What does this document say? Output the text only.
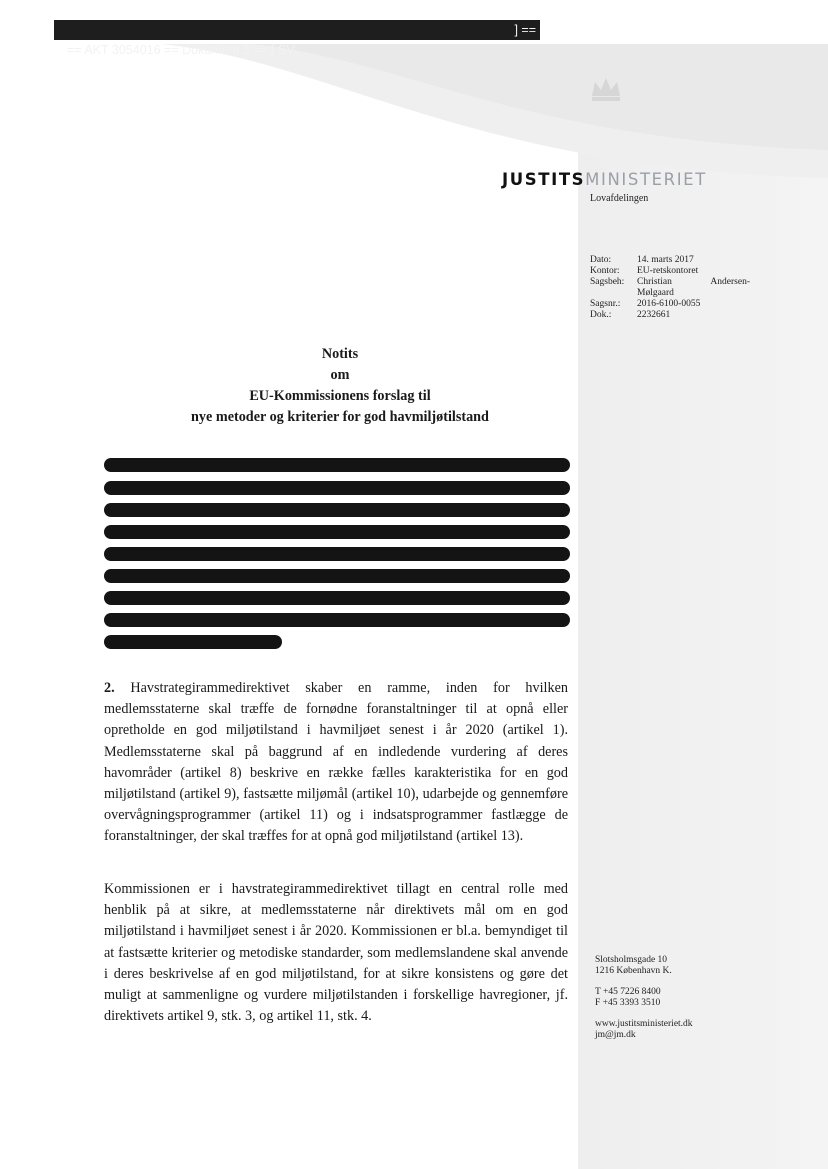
== AKT 3054016 == Dokument 2 == [ SV:

] ==

JUSTITSMINISTERIET
Lovafdelingen
Dato:	14. marts 2017
Kontor:	EU-retskontoret
Sagsbeh:	Christian	Andersen-
Mølgaard
Sagsnr.:	2016-6100-0055
Dok.:	2232661
Notits
om
EU-Kommissionens forslag til
nye metoder og kriterier for god havmiljøtilstand

2. Havstrategirammedirektivet skaber en ramme, inden for hvilken medlemsstaterne skal træffe de fornødne foranstaltninger til at opnå eller opretholde en god miljøtilstand i havmiljøet senest i år 2020 (artikel 1). Medlemsstaterne skal på baggrund af en indledende vurdering af deres havområder (artikel 8) beskrive en række fælles karakteristika for en god miljøtilstand (artikel 9), fastsætte miljømål (artikel 10), udarbejde og gennemføre overvågningsprogrammer (artikel 11) og i indsatsprogrammer fastlægge de foranstaltninger, der skal træffes for at opnå god miljøtilstand (artikel 13).

Kommissionen er i havstrategirammedirektivet tillagt en central rolle med henblik på at sikre, at medlemsstaterne når direktivets mål om en god miljøtilstand i havmiljøet senest i år 2020. Kommissionen er bl.a. bemyndiget til at fastsætte kriterier og metodiske standarder, som medlemslandene skal anvende i deres beskrivelse af en god miljøtilstand, for at sikre konsistens og gøre det muligt at sammenligne og vurdere miljøtilstanden i forskellige havregioner, jf. direktivets artikel 9, stk. 3, og artikel 11, stk. 4.

Slotsholmsgade 10
1216 København K.
T +45 7226 8400
F +45 3393 3510
www.justitsministeriet.dk
jm@jm.dk
